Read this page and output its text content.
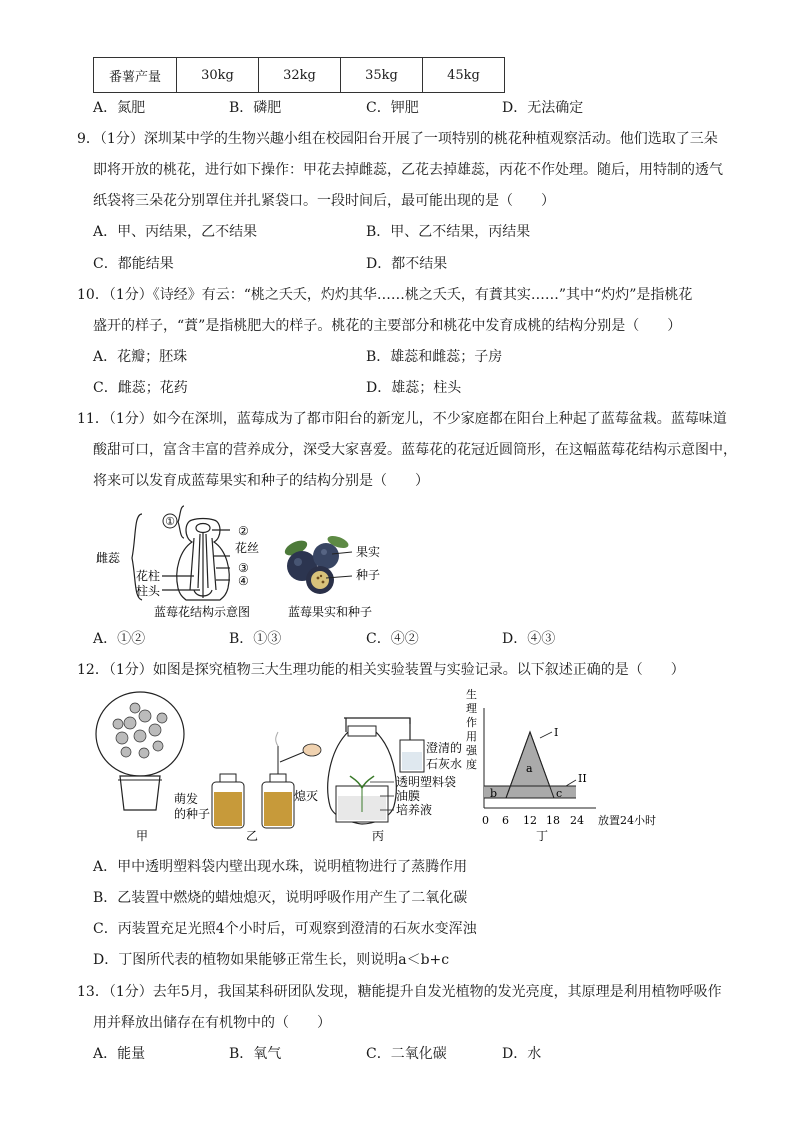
番薯产量	30kg	32kg	35kg	45kg
A．氮肥	B．磷肥	C．钾肥	D．无法确定
9．（1分）深圳某中学的生物兴趣小组在校园阳台开展了一项特别的桃花种植观察活动。他们选取了三朵
即将开放的桃花，进行如下操作：甲花去掉雌蕊，乙花去掉雄蕊，丙花不作处理。随后，用特制的透气
纸袋将三朵花分别罩住并扎紧袋口。一段时间后，最可能出现的是（　　）
A．甲、丙结果，乙不结果	B．甲、乙不结果，丙结果
C．都能结果	D．都不结果
10．（1分）《诗经》有云：“桃之夭夭，灼灼其华……桃之夭夭，有蕡其实……”其中“灼灼”是指桃花
盛开的样子，“蕡”是指桃肥大的样子。桃花的主要部分和桃花中发育成桃的结构分别是（　　）
A．花瓣；胚珠	B．雄蕊和雌蕊；子房
C．雌蕊；花药	D．雄蕊；柱头
11．（1分）如今在深圳，蓝莓成为了都市阳台的新宠儿，不少家庭都在阳台上种起了蓝莓盆栽。蓝莓味道
酸甜可口，富含丰富的营养成分，深受大家喜爱。蓝莓花的花冠近圆筒形，在这幅蓝莓花结构示意图中，
将来可以发育成蓝莓果实和种子的结构分别是（　　）
①
②
花丝
③
④
雌蕊
花柱
柱头
蓝莓花结构示意图
果实
种子
蓝莓果实和种子
A．①②	B．①③	C．④②	D．④③
12．（1分）如图是探究植物三大生理功能的相关实验装置与实验记录。以下叙述正确的是（　　）
甲
萌发
的种子
熄灭
乙
澄清的
石灰水
透明塑料袋
油膜
培养液
丙
生
理
作
用
强
度
I
II
a
b	c
0 6 12 18 24 放置24小时
丁
A．甲中透明塑料袋内壁出现水珠，说明植物进行了蒸腾作用
B．乙装置中燃烧的蜡烛熄灭，说明呼吸作用产生了二氧化碳
C．丙装置充足光照4个小时后，可观察到澄清的石灰水变浑浊
D．丁图所代表的植物如果能够正常生长，则说明a＜b+c
13．（1分）去年5月，我国某科研团队发现，糖能提升自发光植物的发光亮度，其原理是利用植物呼吸作
用并释放出储存在有机物中的（　　）
A．能量	B．氧气	C．二氧化碳	D．水
